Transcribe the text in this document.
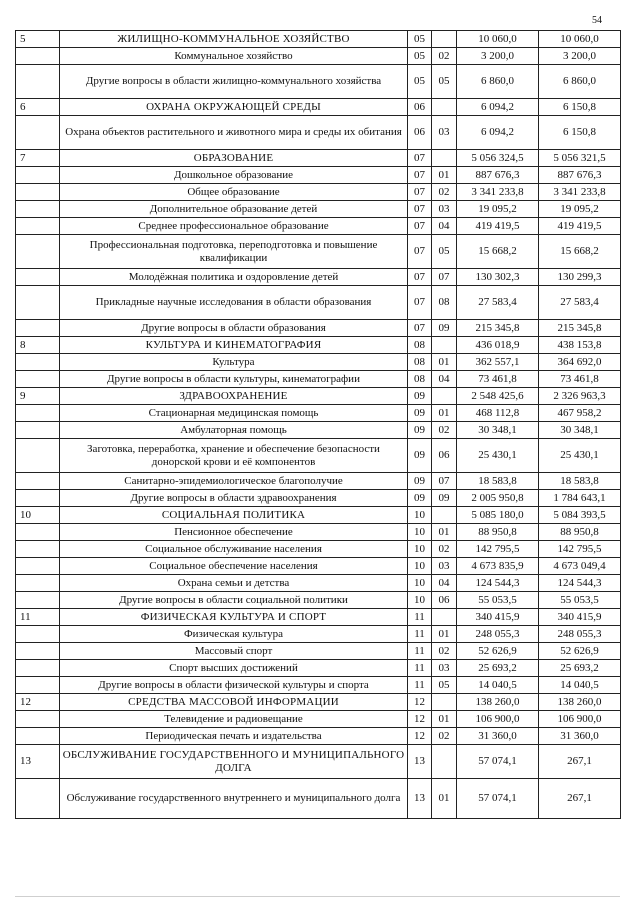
54
5	ЖИЛИЩНО-КОММУНАЛЬНОЕ ХОЗЯЙСТВО	05		10 060,0	10 060,0
	Коммунальное хозяйство	05	02	3 200,0	3 200,0
	Другие вопросы в области жилищно-коммунального хозяйства	05	05	6 860,0	6 860,0
6	ОХРАНА ОКРУЖАЮЩЕЙ СРЕДЫ	06		6 094,2	6 150,8
	Охрана объектов растительного и животного мира и среды их обитания	06	03	6 094,2	6 150,8
7	ОБРАЗОВАНИЕ	07		5 056 324,5	5 056 321,5
	Дошкольное образование	07	01	887 676,3	887 676,3
	Общее образование	07	02	3 341 233,8	3 341 233,8
	Дополнительное образование детей	07	03	19 095,2	19 095,2
	Среднее профессиональное образование	07	04	419 419,5	419 419,5
	Профессиональная подготовка, переподготовка и повышение квалификации	07	05	15 668,2	15 668,2
	Молодёжная политика и оздоровление детей	07	07	130 302,3	130 299,3
	Прикладные научные исследования в области образования	07	08	27 583,4	27 583,4
	Другие вопросы в области образования	07	09	215 345,8	215 345,8
8	КУЛЬТУРА И КИНЕМАТОГРАФИЯ	08		436 018,9	438 153,8
	Культура	08	01	362 557,1	364 692,0
	Другие вопросы в области культуры, кинематографии	08	04	73 461,8	73 461,8
9	ЗДРАВООХРАНЕНИЕ	09		2 548 425,6	2 326 963,3
	Стационарная медицинская помощь	09	01	468 112,8	467 958,2
	Амбулаторная помощь	09	02	30 348,1	30 348,1
	Заготовка, переработка, хранение и обеспечение безопасности донорской крови и её компонентов	09	06	25 430,1	25 430,1
	Санитарно-эпидемиологическое благополучие	09	07	18 583,8	18 583,8
	Другие вопросы в области здравоохранения	09	09	2 005 950,8	1 784 643,1
10	СОЦИАЛЬНАЯ ПОЛИТИКА	10		5 085 180,0	5 084 393,5
	Пенсионное обеспечение	10	01	88 950,8	88 950,8
	Социальное обслуживание населения	10	02	142 795,5	142 795,5
	Социальное обеспечение населения	10	03	4 673 835,9	4 673 049,4
	Охрана семьи и детства	10	04	124 544,3	124 544,3
	Другие вопросы в области социальной политики	10	06	55 053,5	55 053,5
11	ФИЗИЧЕСКАЯ КУЛЬТУРА И СПОРТ	11		340 415,9	340 415,9
	Физическая культура	11	01	248 055,3	248 055,3
	Массовый спорт	11	02	52 626,9	52 626,9
	Спорт высших достижений	11	03	25 693,2	25 693,2
	Другие вопросы в области физической культуры и спорта	11	05	14 040,5	14 040,5
12	СРЕДСТВА МАССОВОЙ ИНФОРМАЦИИ	12		138 260,0	138 260,0
	Телевидение и радиовещание	12	01	106 900,0	106 900,0
	Периодическая печать и издательства	12	02	31 360,0	31 360,0
13	ОБСЛУЖИВАНИЕ ГОСУДАРСТВЕННОГО И МУНИЦИПАЛЬНОГО ДОЛГА	13		57 074,1	267,1
	Обслуживание государственного внутреннего и муниципального долга	13	01	57 074,1	267,1
